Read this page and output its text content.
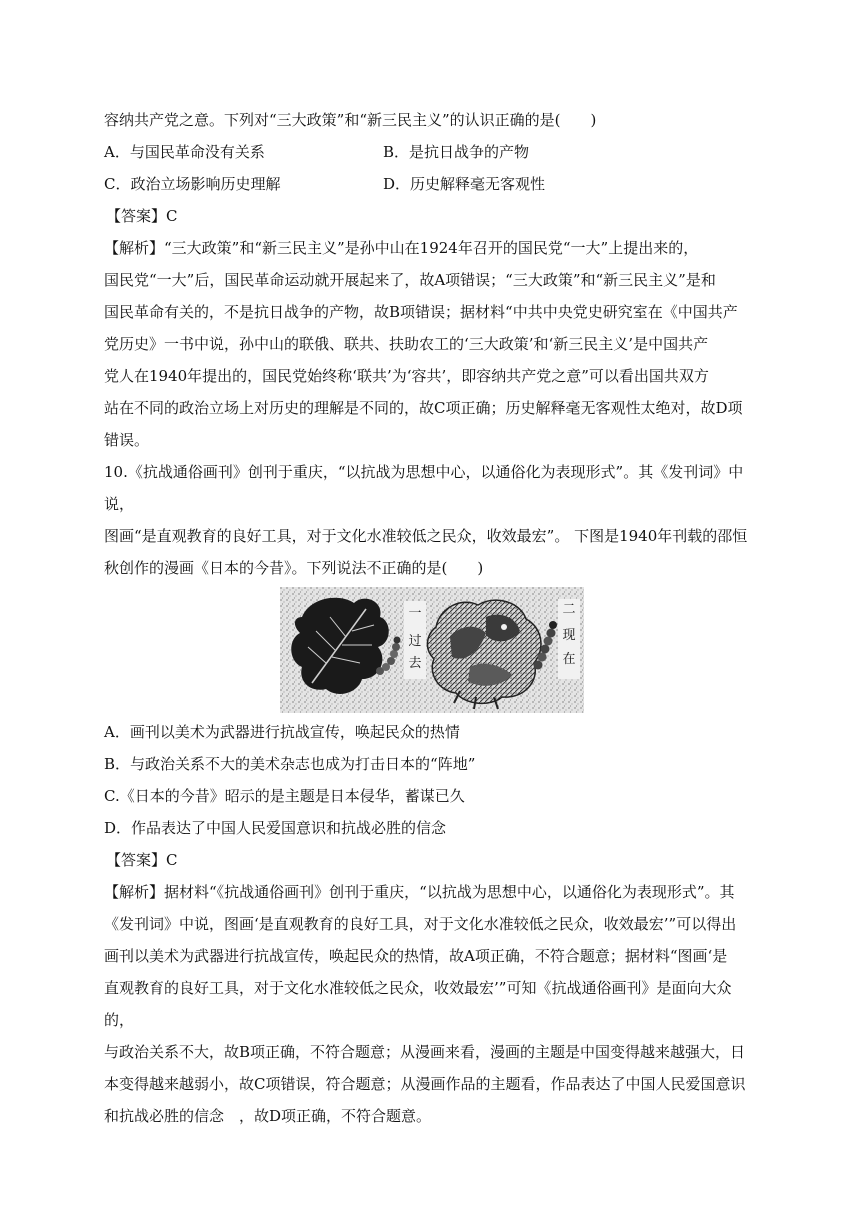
容纳共产党之意。下列对“三大政策”和“新三民主义”的认识正确的是(　　)

A．与国民革命没有关系	B．是抗日战争的产物
C．政治立场影响历史理解	D．历史解释毫无客观性

【答案】C

【解析】“三大政策”和“新三民主义”是孙中山在1924年召开的国民党“一大”上提出来的，

国民党“一大”后，国民革命运动就开展起来了，故A项错误；“三大政策”和“新三民主义”是和

国民革命有关的，不是抗日战争的产物，故B项错误；据材料“中共中央党史研究室在《中国共产

党历史》一书中说，孙中山的联俄、联共、扶助农工的‘三大政策’和‘新三民主义’是中国共产

党人在1940年提出的，国民党始终称‘联共’为‘容共’，即容纳共产党之意”可以看出国共双方

站在不同的政治立场上对历史的理解是不同的，故C项正确；历史解释毫无客观性太绝对，故D项

错误。

10.《抗战通俗画刊》创刊于重庆，“以抗战为思想中心，以通俗化为表现形式”。其《发刊词》中说，

图画“是直观教育的良好工具，对于文化水准较低之民众，收效最宏”。 下图是1940年刊载的邵恒

秋创作的漫画《日本的今昔》。下列说法不正确的是(　　)

一
过
去
二
现
在

A．画刊以美术为武器进行抗战宣传，唤起民众的热情

B．与政治关系不大的美术杂志也成为打击日本的“阵地”

C.《日本的今昔》昭示的是主题是日本侵华，蓄谋已久

D．作品表达了中国人民爱国意识和抗战必胜的信念

【答案】C

【解析】据材料“《抗战通俗画刊》创刊于重庆，“以抗战为思想中心，以通俗化为表现形式”。其

《发刊词》中说，图画‘是直观教育的良好工具，对于文化水准较低之民众，收效最宏’”可以得出

画刊以美术为武器进行抗战宣传，唤起民众的热情，故A项正确，不符合题意；据材料“图画‘是

直观教育的良好工具，对于文化水准较低之民众，收效最宏’”可知《抗战通俗画刊》是面向大众的，

与政治关系不大，故B项正确，不符合题意；从漫画来看，漫画的主题是中国变得越来越强大，日

本变得越来越弱小，故C项错误，符合题意；从漫画作品的主题看，作品表达了中国人民爱国意识

和抗战必胜的信念　，故D项正确，不符合题意。
